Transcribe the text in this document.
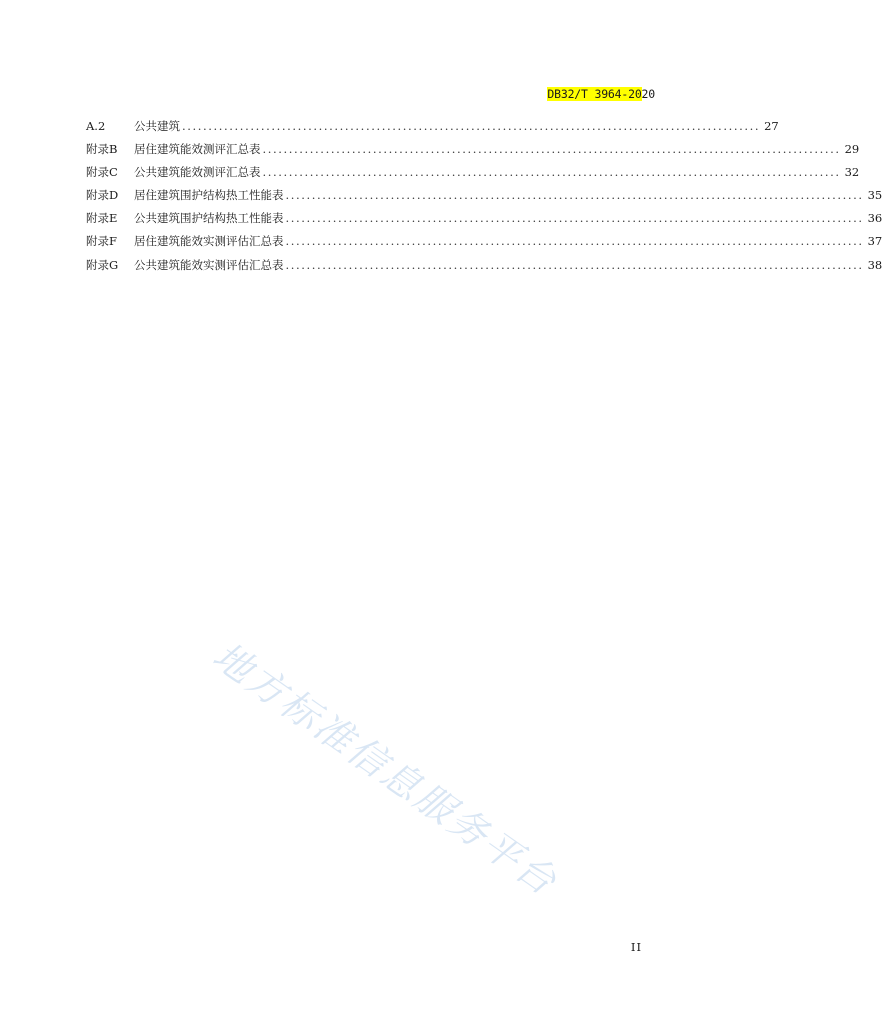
DB32/T 3964-2020
A.2	公共建筑 .............................................................................................................. 27
附录B	居住建筑能效测评汇总表 .............................................................................................................. 29
附录C	公共建筑能效测评汇总表 .............................................................................................................. 32
附录D	居住建筑围护结构热工性能表 .............................................................................................................. 35
附录E	公共建筑围护结构热工性能表 .............................................................................................................. 36
附录F	居住建筑能效实测评估汇总表 .............................................................................................................. 37
附录G	公共建筑能效实测评估汇总表 .............................................................................................................. 38
地方标准信息服务平台
II
